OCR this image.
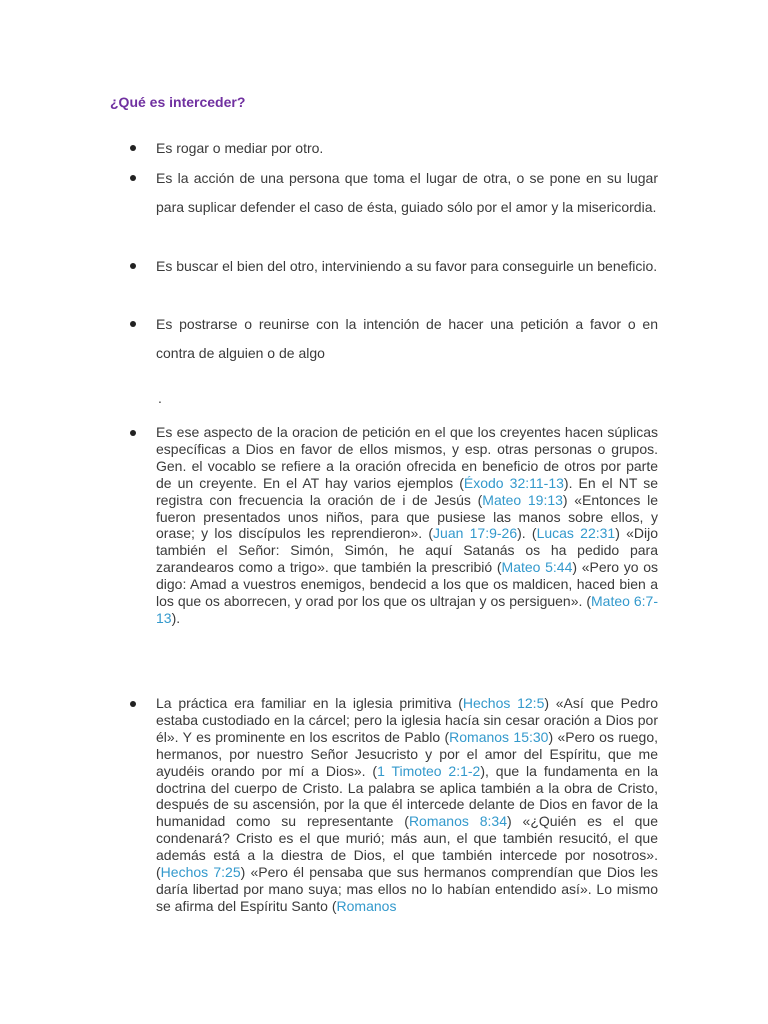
¿Qué es interceder?
Es rogar o mediar por otro.
Es la acción de una persona que toma el lugar de otra, o se pone en su lugar para suplicar defender el caso de ésta, guiado sólo por el amor y la misericordia.
Es buscar el bien del otro, interviniendo a su favor para conseguirle un beneficio.
Es postrarse o reunirse con la intención de hacer una petición a favor o en contra de alguien o de algo
.
Es ese aspecto de la oracion de petición en el que los creyentes hacen súplicas específicas a Dios en favor de ellos mismos, y esp. otras personas o grupos. Gen. el vocablo se refiere a la oración ofrecida en beneficio de otros por parte de un creyente. En el AT hay varios ejemplos (Éxodo 32:11-13). En el NT se registra con frecuencia la oración de i de Jesús (Mateo 19:13) «Entonces le fueron presentados unos niños, para que pusiese las manos sobre ellos, y orase; y los discípulos les reprendieron». (Juan 17:9-26). (Lucas 22:31) «Dijo también el Señor: Simón, Simón, he aquí Satanás os ha pedido para zarandearos como a trigo». que también la prescribió (Mateo 5:44) «Pero yo os digo: Amad a vuestros enemigos, bendecid a los que os maldicen, haced bien a los que os aborrecen, y orad por los que os ultrajan y os persiguen». (Mateo 6:7-13).
La práctica era familiar en la iglesia primitiva (Hechos 12:5) «Así que Pedro estaba custodiado en la cárcel; pero la iglesia hacía sin cesar oración a Dios por él». Y es prominente en los escritos de Pablo (Romanos 15:30) «Pero os ruego, hermanos, por nuestro Señor Jesucristo y por el amor del Espíritu, que me ayudéis orando por mí a Dios». (1 Timoteo 2:1-2), que la fundamenta en la doctrina del cuerpo de Cristo. La palabra se aplica también a la obra de Cristo, después de su ascensión, por la que él intercede delante de Dios en favor de la humanidad como su representante (Romanos 8:34) «¿Quién es el que condenará? Cristo es el que murió; más aun, el que también resucitó, el que además está a la diestra de Dios, el que también intercede por nosotros». (Hechos 7:25) «Pero él pensaba que sus hermanos comprendían que Dios les daría libertad por mano suya; mas ellos no lo habían entendido así». Lo mismo se afirma del Espíritu Santo (Romanos
